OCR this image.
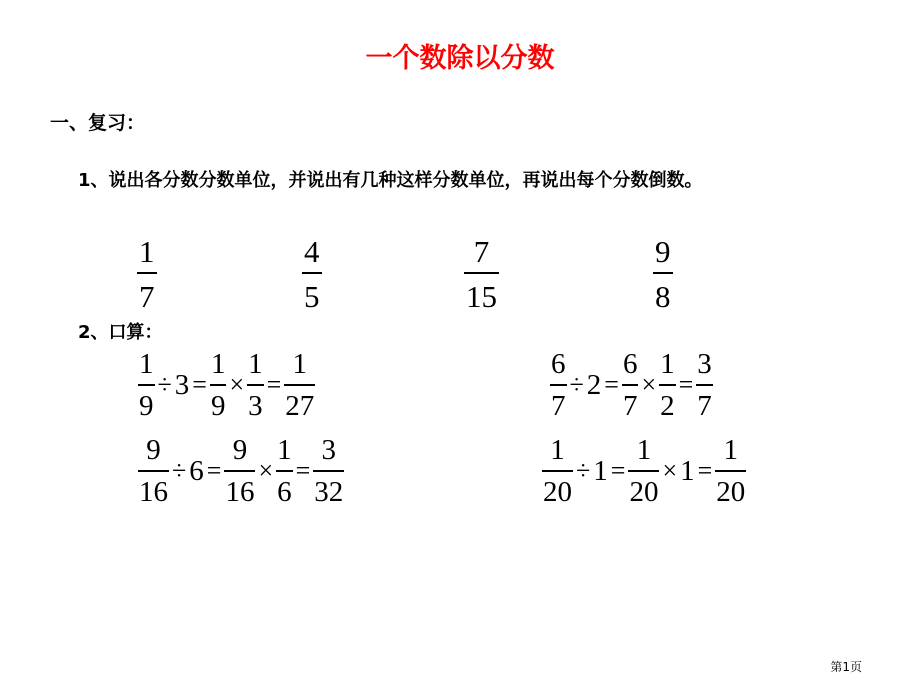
一个数除以分数
一、复习：
1、说出各分数分数单位，并说出有几种这样分数单位，再说出每个分数倒数。
1
7
4
5
7
15
9
8
2、口算：
$\frac{1}{9} \div 3 = \frac{1}{9} \times \frac{1}{3} = \frac{1}{27}$	$\frac{6}{7} \div 2 = \frac{6}{7} \times \frac{1}{2} = \frac{3}{7}$
$\frac{9}{16} \div 6 = \frac{9}{16} \times \frac{1}{6} = \frac{3}{32}$	$\frac{1}{20} \div 1 = \frac{1}{20} \times 1 = \frac{1}{20}$
第1页
